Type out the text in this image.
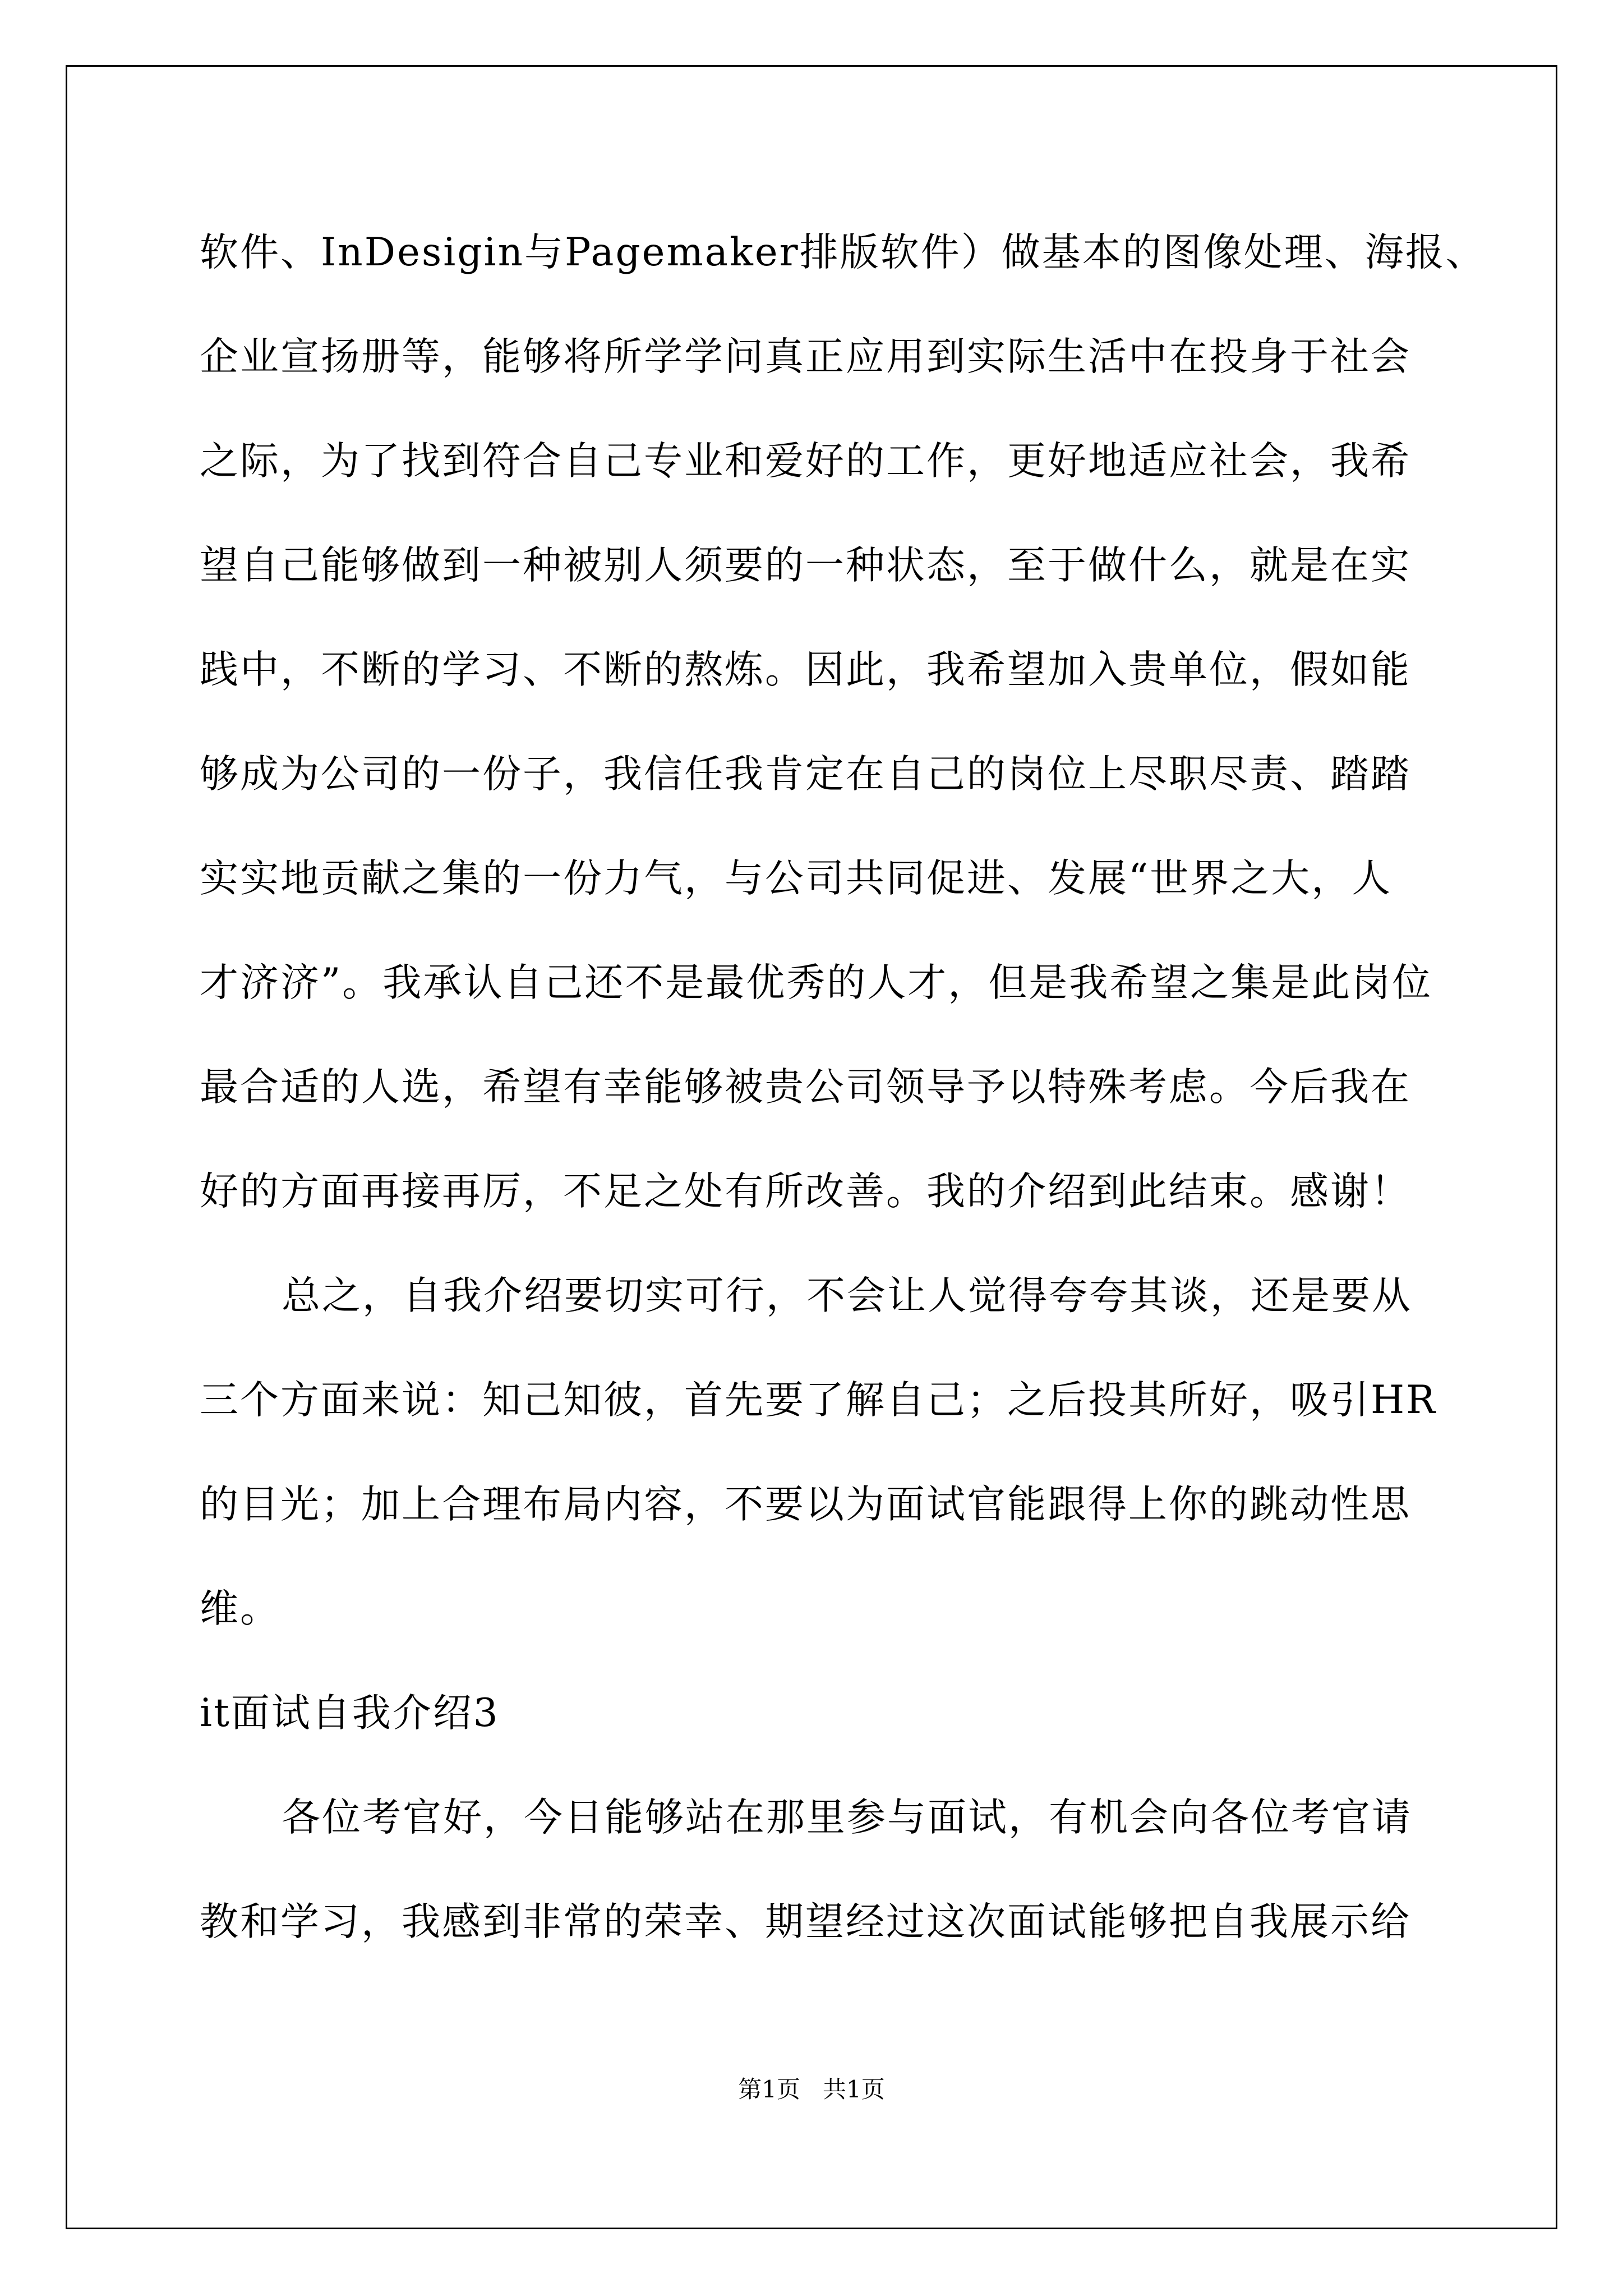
软件、InDesigin与Pagemaker排版软件）做基本的图像处理、海报、
企业宣扬册等，能够将所学学问真正应用到实际生活中在投身于社会
之际，为了找到符合自己专业和爱好的工作，更好地适应社会，我希
望自己能够做到一种被别人须要的一种状态，至于做什么，就是在实
践中，不断的学习、不断的熬炼。因此，我希望加入贵单位，假如能
够成为公司的一份子，我信任我肯定在自己的岗位上尽职尽责、踏踏
实实地贡献之集的一份力气，与公司共同促进、发展“世界之大，人
才济济”。我承认自己还不是最优秀的人才，但是我希望之集是此岗位
最合适的人选，希望有幸能够被贵公司领导予以特殊考虑。今后我在
好的方面再接再厉，不足之处有所改善。我的介绍到此结束。感谢！
总之，自我介绍要切实可行，不会让人觉得夸夸其谈，还是要从
三个方面来说：知己知彼，首先要了解自己；之后投其所好，吸引HR
的目光；加上合理布局内容，不要以为面试官能跟得上你的跳动性思
维。
it面试自我介绍3
各位考官好，今日能够站在那里参与面试，有机会向各位考官请
教和学习，我感到非常的荣幸、期望经过这次面试能够把自我展示给
第1页   共1页
